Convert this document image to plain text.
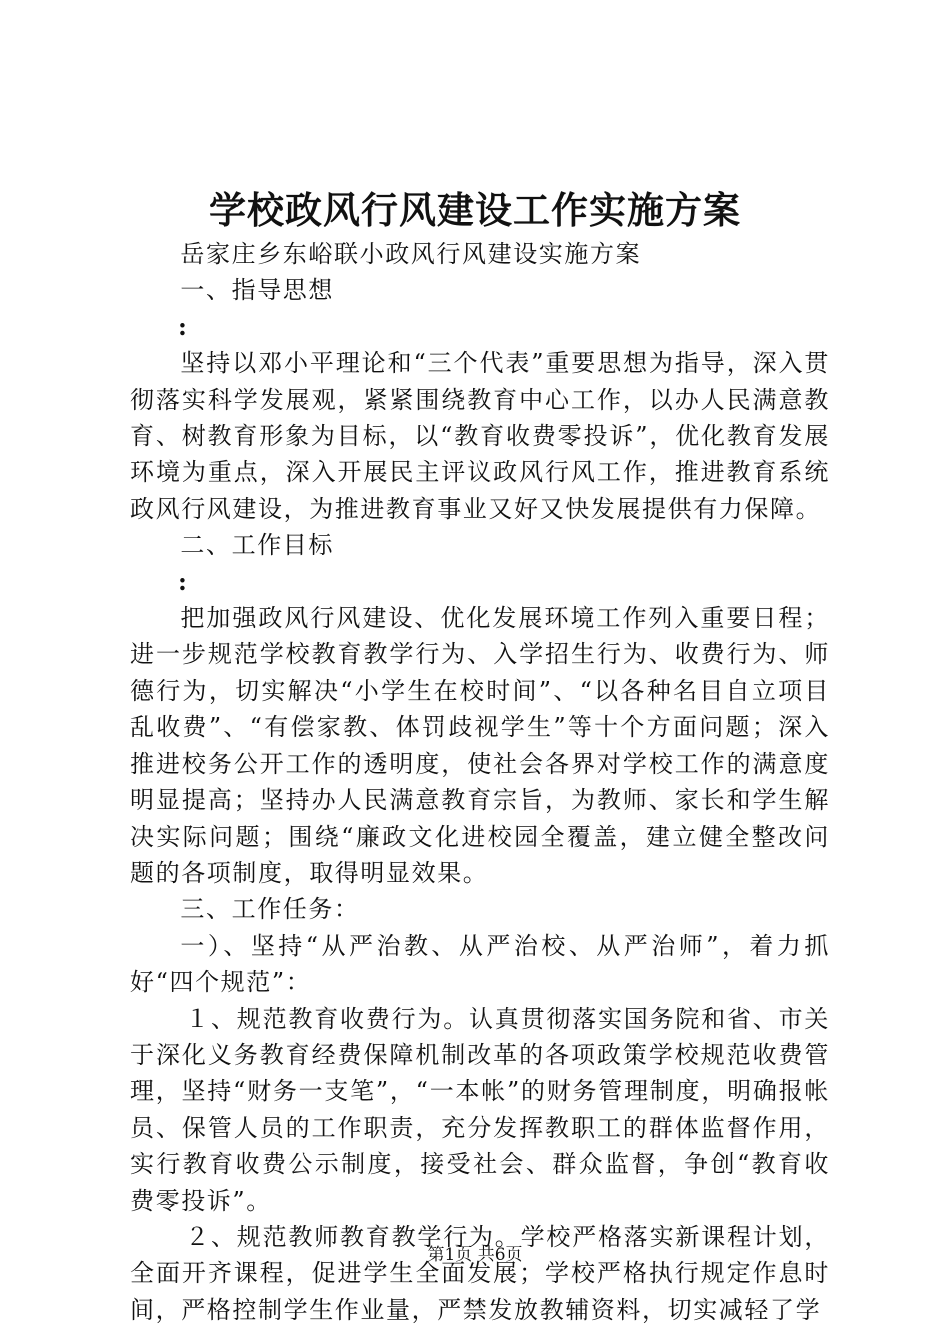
学校政风行风建设工作实施方案

岳家庄乡东峪联小政风行风建设实施方案

一、指导思想

:

坚持以邓小平理论和“三个代表”重要思想为指导，深入贯彻落实科学发展观，紧紧围绕教育中心工作，以办人民满意教育、树教育形象为目标，以“教育收费零投诉”，优化教育发展环境为重点，深入开展民主评议政风行风工作，推进教育系统政风行风建设，为推进教育事业又好又快发展提供有力保障。

二、工作目标

:

把加强政风行风建设、优化发展环境工作列入重要日程；进一步规范学校教育教学行为、入学招生行为、收费行为、师德行为，切实解决“小学生在校时间”、“以各种名目自立项目乱收费”、“有偿家教、体罚歧视学生”等十个方面问题；深入推进校务公开工作的透明度，使社会各界对学校工作的满意度明显提高；坚持办人民满意教育宗旨，为教师、家长和学生解决实际问题；围绕“廉政文化进校园全覆盖，建立健全整改问题的各项制度，取得明显效果。

三、工作任务：

一）、坚持“从严治教、从严治校、从严治师”，着力抓好“四个规范”：

１、规范教育收费行为。认真贯彻落实国务院和省、市关于深化义务教育经费保障机制改革的各项政策学校规范收费管理，坚持“财务一支笔”，“一本帐”的财务管理制度，明确报帐员、保管人员的工作职责，充分发挥教职工的群体监督作用，实行教育收费公示制度，接受社会、群众监督，争创“教育收费零投诉”。

２、规范教师教育教学行为。学校严格落实新课程计划，全面开齐课程，促进学生全面发展；学校严格执行规定作息时间，严格控制学生作业量，严禁发放教辅资料，切实减轻了学

第1页 共6页
